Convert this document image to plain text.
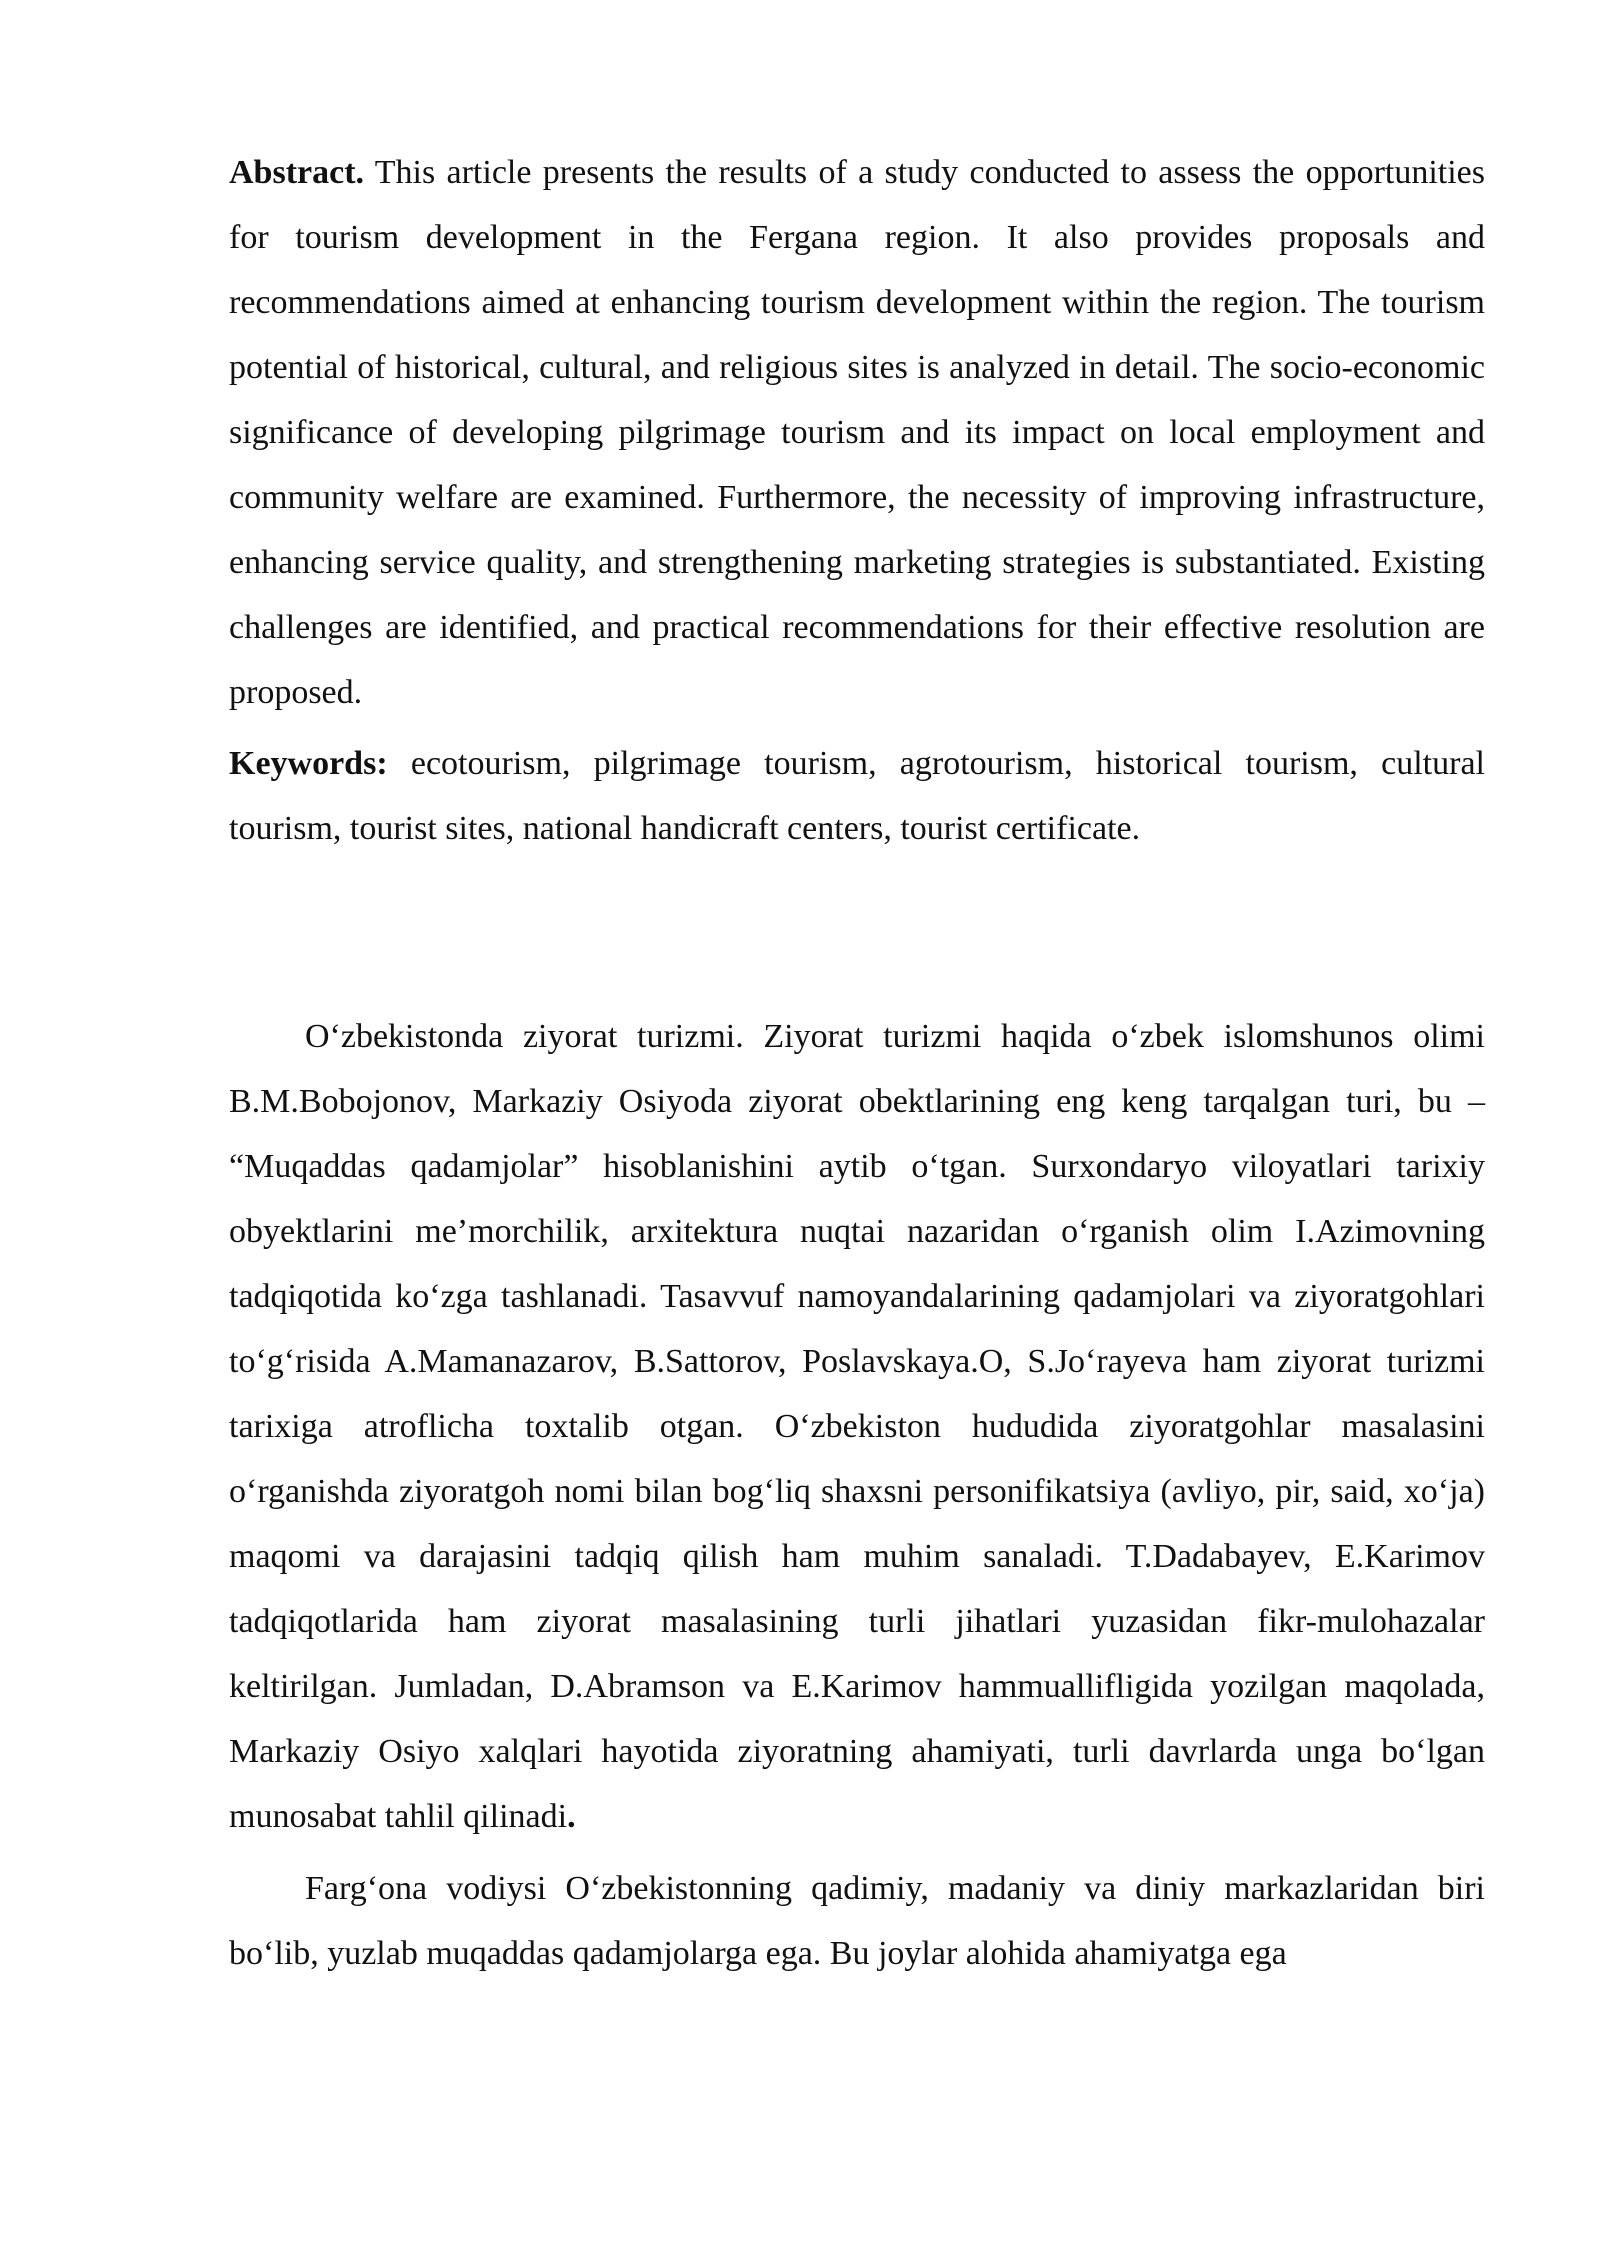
Abstract. This article presents the results of a study conducted to assess the opportunities for tourism development in the Fergana region. It also provides proposals and recommendations aimed at enhancing tourism development within the region. The tourism potential of historical, cultural, and religious sites is analyzed in detail. The socio-economic significance of developing pilgrimage tourism and its impact on local employment and community welfare are examined. Furthermore, the necessity of improving infrastructure, enhancing service quality, and strengthening marketing strategies is substantiated. Existing challenges are identified, and practical recommendations for their effective resolution are proposed.

Keywords: ecotourism, pilgrimage tourism, agrotourism, historical tourism, cultural tourism, tourist sites, national handicraft centers, tourist certificate.

O‘zbekistonda ziyorat turizmi. Ziyorat turizmi haqida o‘zbek islomshunos olimi B.M.Bobojonov, Markaziy Osiyoda ziyorat obektlarining eng keng tarqalgan turi, bu – “Muqaddas qadamjolar” hisoblanishini aytib o‘tgan. Surxondaryo viloyatlari tarixiy obyektlarini me’morchilik, arxitektura nuqtai nazaridan o‘rganish olim I.Azimovning tadqiqotida ko‘zga tashlanadi. Tasavvuf namoyandalarining qadamjolari va ziyoratgohlari to‘g‘risida A.Mamanazarov, B.Sattorov, Poslavskaya.O, S.Jo‘rayeva ham ziyorat turizmi tarixiga atroflicha toxtalib otgan. O‘zbekiston hududida ziyoratgohlar masalasini o‘rganishda ziyoratgoh nomi bilan bog‘liq shaxsni personifikatsiya (avliyo, pir, said, xo‘ja) maqomi va darajasini tadqiq qilish ham muhim sanaladi. T.Dadabayev, E.Karimov tadqiqotlarida ham ziyorat masalasining turli jihatlari yuzasidan fikr-mulohazalar keltirilgan. Jumladan, D.Abramson va E.Karimov hammuallifligida yozilgan maqolada, Markaziy Osiyo xalqlari hayotida ziyoratning ahamiyati, turli davrlarda unga bo‘lgan munosabat tahlil qilinadi.

Farg‘ona vodiysi O‘zbekistonning qadimiy, madaniy va diniy markazlaridan biri bo‘lib, yuzlab muqaddas qadamjolarga ega. Bu joylar alohida ahamiyatga ega
